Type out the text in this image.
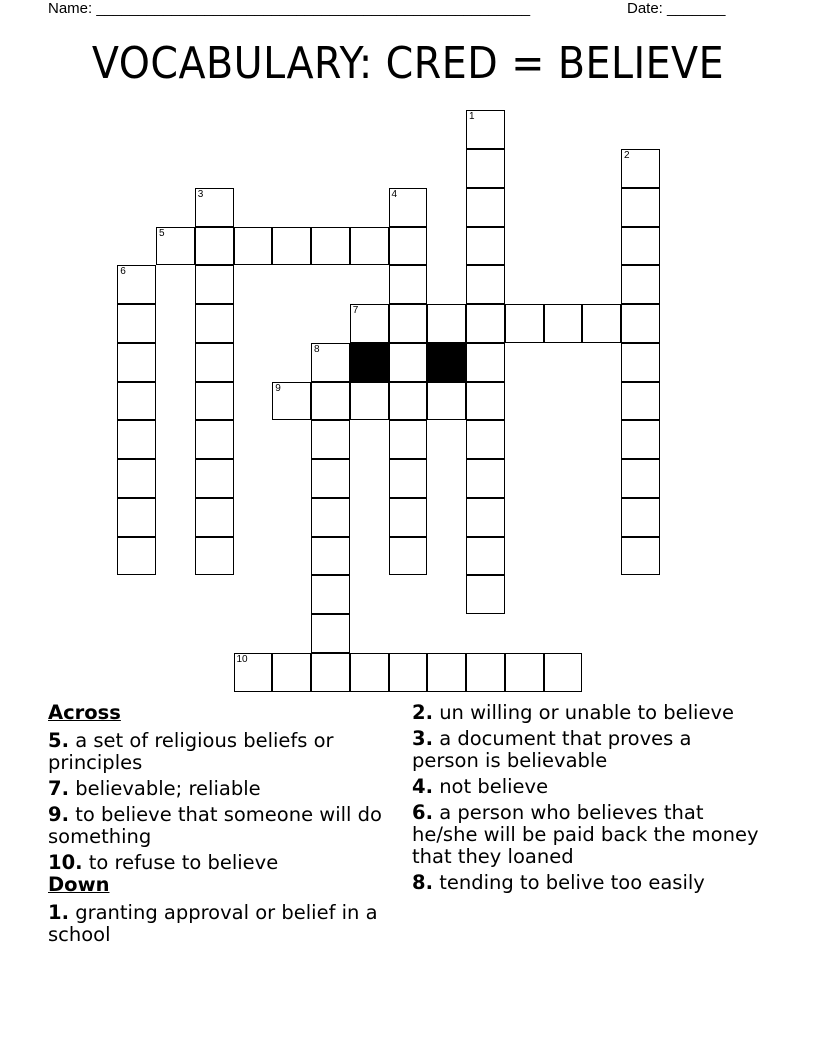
Name: ____________________________________________________	Date: _______
VOCABULARY: CRED = BELIEVE
1
2
3	4
6
8
5
7
9
10
Across
5. a set of religious beliefs or principles
7. believable; reliable
9. to believe that someone will do something
10. to refuse to believe
Down
1. granting approval or belief in a school
2. un willing or unable to believe
3. a document that proves a person is believable
4. not believe
6. a person who believes that he/she will be paid back the money that they loaned
8. tending to belive too easily
